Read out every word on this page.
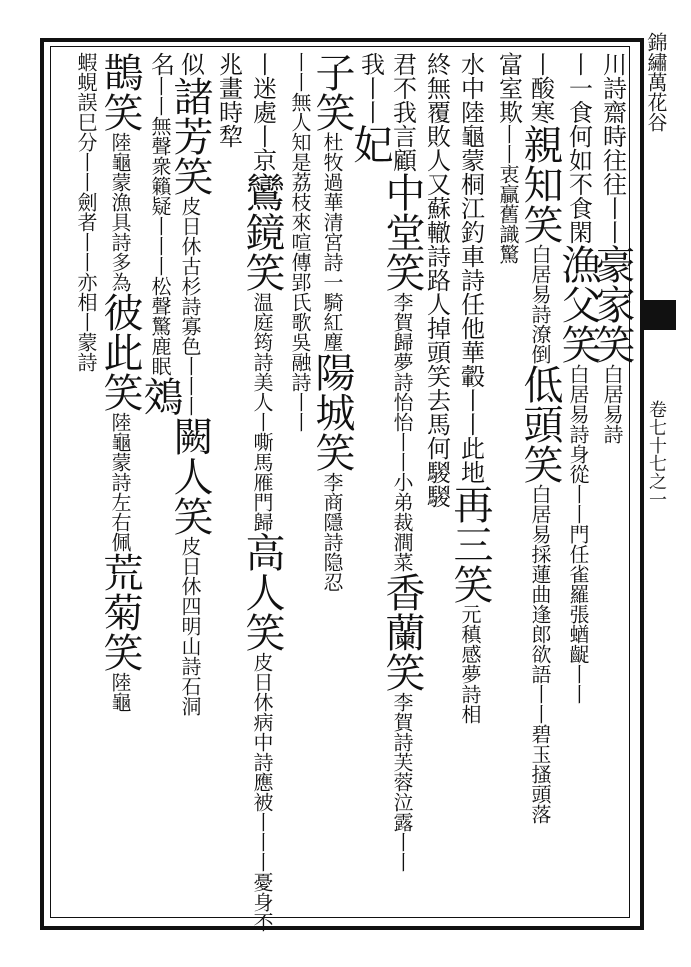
錦繡萬花谷
卷七十七之一
川詩齋時往往
丨丨
豪家笑
白居易詩
丨一食何如不食閑
漁父笑
白居易詩身從丨丨門任雀羅張
蝤齪丨丨
丨酸寒
親知笑
白居易詩潦倒
低頭笑
白居易採蓮曲逢郎欲語丨丨碧玉搔頭落
富室欺
丨丨衷贏舊識驚
水中陸龜蒙桐江釣車詩任他華轂丨丨此地
再三笑
元稹感夢詩相
終無覆敗人又蘇轍詩路人掉頭笑去馬何騣騣
君不我言顧
中堂笑
李賀歸夢詩怡怡丨丨小弟裁澗菜
香蘭笑
李賀詩芙蓉泣露丨丨
我丨丨
妃
子笑
杜牧過華清宮詩一騎紅塵
陽城笑
李商隱詩隐忍
丨丨無人知是荔枝來
喧傳郢氏歌吳融詩丨丨
丨迷處
丨京
鸞鏡笑
温庭筠詩美人丨嘶馬雁門歸
高人笑
皮日休病中詩應被丨丨丨憂身不
兆畫時犂
似
諸芳笑
皮日休古杉詩寡色丨丨丨
闕人笑
皮日休四明山詩石洞
名
丨丨無聲衆籟疑
丨丨丨松聲驚鹿眠
鵁
鵲笑
陸龜蒙漁具詩多為
彼此笑
陸龜蒙詩左右佩
荒菊笑
陸龜
蝦蜆誤巳分丨丨
劍者丨丨亦相丨
蒙詩
